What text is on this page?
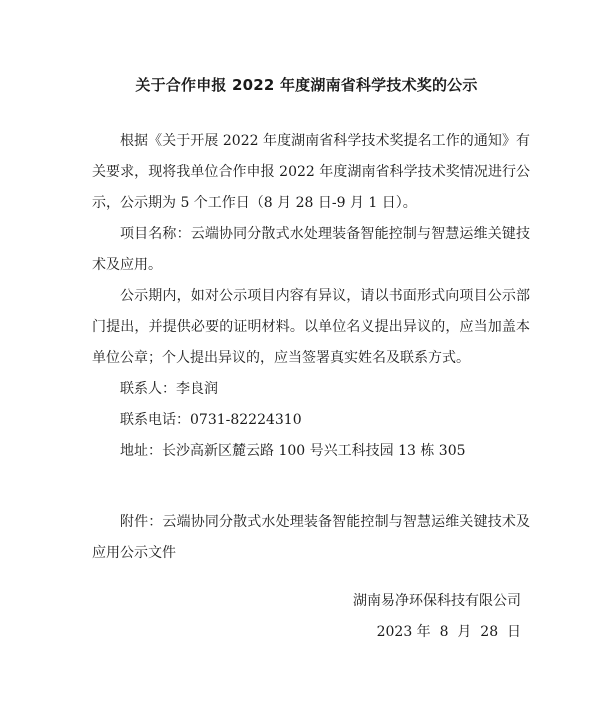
关于合作申报 2022 年度湖南省科学技术奖的公示

根据《关于开展 2022 年度湖南省科学技术奖提名工作的通知》有关要求，现将我单位合作申报 2022 年度湖南省科学技术奖情况进行公示，公示期为 5 个工作日（8 月 28 日-9 月 1 日）。

项目名称：云端协同分散式水处理装备智能控制与智慧运维关键技术及应用。

公示期内，如对公示项目内容有异议，请以书面形式向项目公示部门提出，并提供必要的证明材料。以单位名义提出异议的，应当加盖本单位公章；个人提出异议的，应当签署真实姓名及联系方式。

联系人：李良润

联系电话：0731-82224310

地址：长沙高新区麓云路 100 号兴工科技园 13 栋 305

附件：云端协同分散式水处理装备智能控制与智慧运维关键技术及应用公示文件

湖南易净环保科技有限公司
2023 年  8  月  28  日
